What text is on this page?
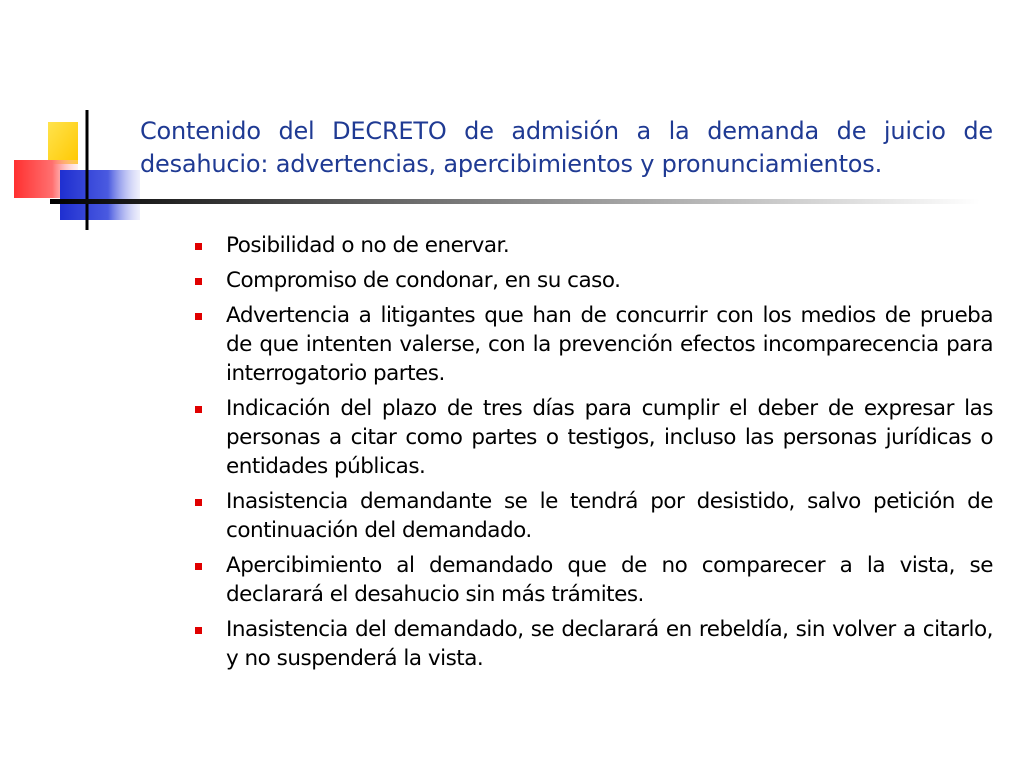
Contenido del DECRETO de admisión a la demanda de juicio de desahucio: advertencias, apercibimientos y pronunciamientos.
Posibilidad o no de enervar.
Compromiso de condonar, en su caso.
Advertencia a litigantes que han de concurrir con los medios de prueba de que intenten valerse, con la prevención efectos incomparecencia para interrogatorio partes.
Indicación del plazo de tres días para cumplir el deber de expresar las personas a citar como partes o testigos, incluso las personas jurídicas o entidades públicas.
Inasistencia demandante se le tendrá por desistido, salvo petición de continuación del demandado.
Apercibimiento al demandado que de no comparecer a la vista, se declarará el desahucio sin más trámites.
Inasistencia del demandado, se declarará en rebeldía, sin volver a citarlo, y no suspenderá la vista.
